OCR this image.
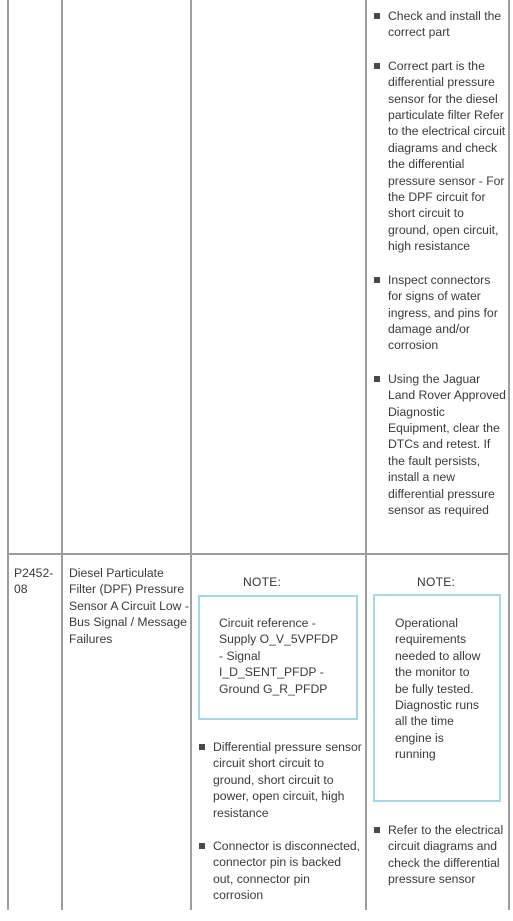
Check and install the correct part
Correct part is the differential pressure sensor for the diesel particulate filter Refer to the electrical circuit diagrams and check the differential pressure sensor - For the DPF circuit for short circuit to ground, open circuit, high resistance
Inspect connectors for signs of water ingress, and pins for damage and/or corrosion
Using the Jaguar Land Rover Approved Diagnostic Equipment, clear the DTCs and retest. If the fault persists, install a new differential pressure sensor as required
P2452-08
Diesel Particulate Filter (DPF) Pressure Sensor A Circuit Low - Bus Signal / Message Failures
NOTE:
Circuit reference - Supply O_V_5VPFDP - Signal I_D_SENT_PFDP - Ground G_R_PFDP
Differential pressure sensor circuit short circuit to ground, short circuit to power, open circuit, high resistance
Connector is disconnected, connector pin is backed out, connector pin corrosion
NOTE:
Operational requirements needed to allow the monitor to be fully tested. Diagnostic runs all the time engine is running
Refer to the electrical circuit diagrams and check the differential pressure sensor
